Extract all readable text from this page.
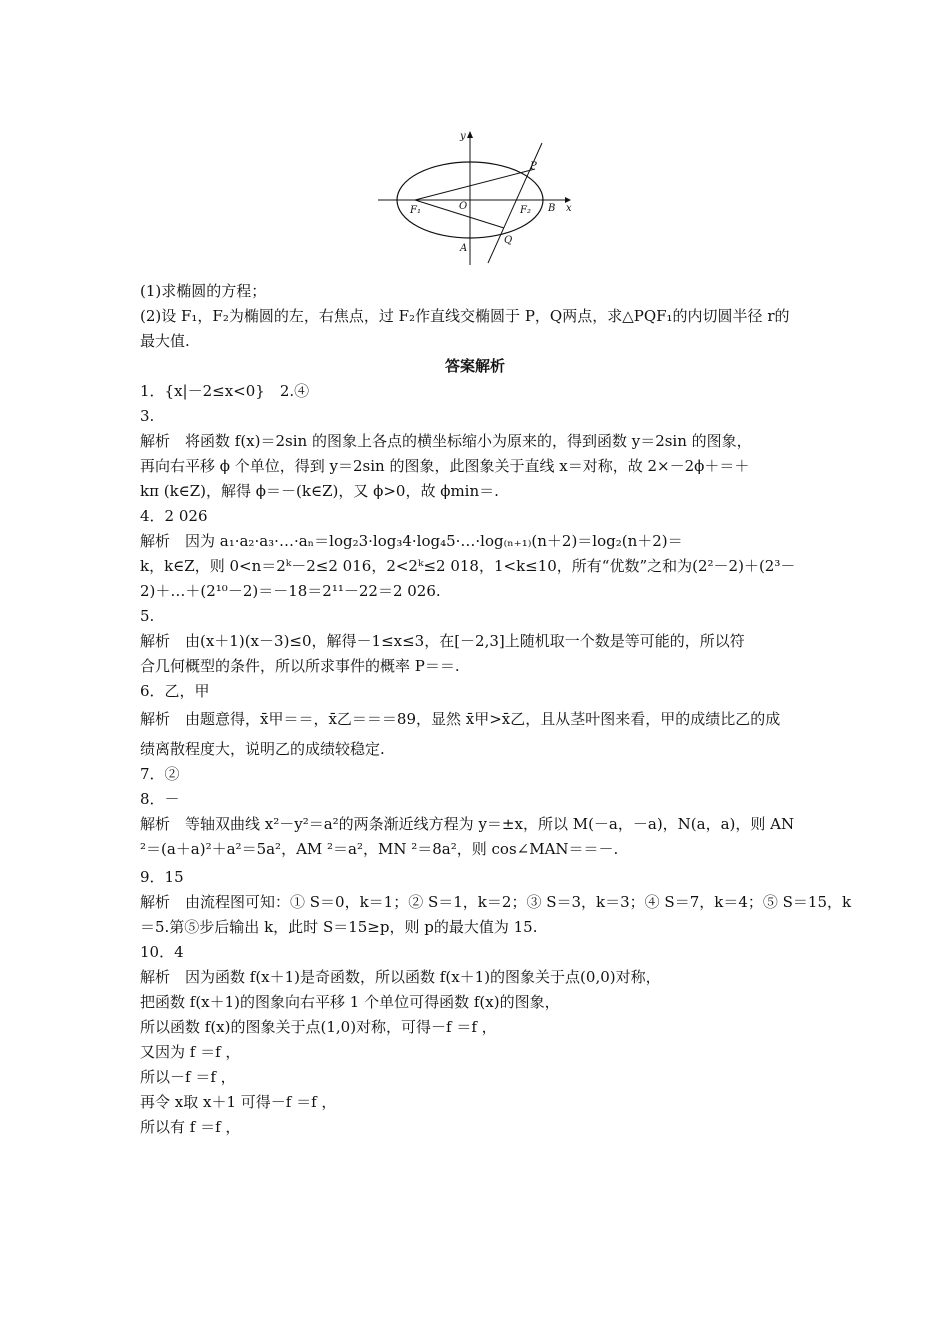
y
x
P
O
F₁	F₂ B
A
Q
(1)求椭圆的方程；
(2)设 F₁，F₂为椭圆的左，右焦点，过 F₂作直线交椭圆于 P，Q两点，求△PQF₁的内切圆半径 r的
最大值.
答案解析
1．{x|－2≤x<0}　2.④
3.
解析　将函数 f(x)＝2sin 的图象上各点的横坐标缩小为原来的，得到函数 y＝2sin 的图象，
再向右平移 ϕ 个单位，得到 y＝2sin 的图象，此图象关于直线 x＝对称，故 2×－2ϕ＋＝＋
kπ (k∈Z)，解得 ϕ＝－(k∈Z)，又 ϕ>0，故 ϕmin＝.
4．2 026
解析　因为 a₁·a₂·a₃·…·aₙ＝log₂3·log₃4·log₄5·…·log₍ₙ₊₁₎(n＋2)＝log₂(n＋2)＝
k，k∈Z，则 0<n＝2ᵏ－2≤2 016，2<2ᵏ≤2 018，1<k≤10，所有“优数”之和为(2²－2)＋(2³－
2)＋…＋(2¹⁰－2)＝－18＝2¹¹－22＝2 026.
5.
解析　由(x＋1)(x－3)≤0，解得－1≤x≤3，在[－2,3]上随机取一个数是等可能的，所以符
合几何概型的条件，所以所求事件的概率 P＝＝.
6．乙，甲
解析　由题意得，x̄甲＝＝，x̄乙＝＝＝89，显然 x̄甲>x̄乙，且从茎叶图来看，甲的成绩比乙的成
绩离散程度大，说明乙的成绩较稳定.
7．②
8．－
解析　等轴双曲线 x²－y²＝a²的两条渐近线方程为 y＝±x，所以 M(－a，－a)，N(a，a)，则 AN
²＝(a＋a)²＋a²＝5a²，AM ²＝a²，MN ²＝8a²，则 cos∠MAN＝＝－.
9．15
解析　由流程图可知：① S＝0，k＝1；② S＝1，k＝2；③ S＝3，k＝3；④ S＝7，k＝4；⑤ S＝15，k
＝5.第⑤步后输出 k，此时 S＝15≥p，则 p的最大值为 15.
10．4
解析　因为函数 f(x＋1)是奇函数，所以函数 f(x＋1)的图象关于点(0,0)对称，
把函数 f(x＋1)的图象向右平移 1 个单位可得函数 f(x)的图象，
所以函数 f(x)的图象关于点(1,0)对称，可得－f ＝f ，
又因为 f ＝f ，
所以－f ＝f ，
再令 x取 x＋1 可得－f ＝f ，
所以有 f ＝f ，
